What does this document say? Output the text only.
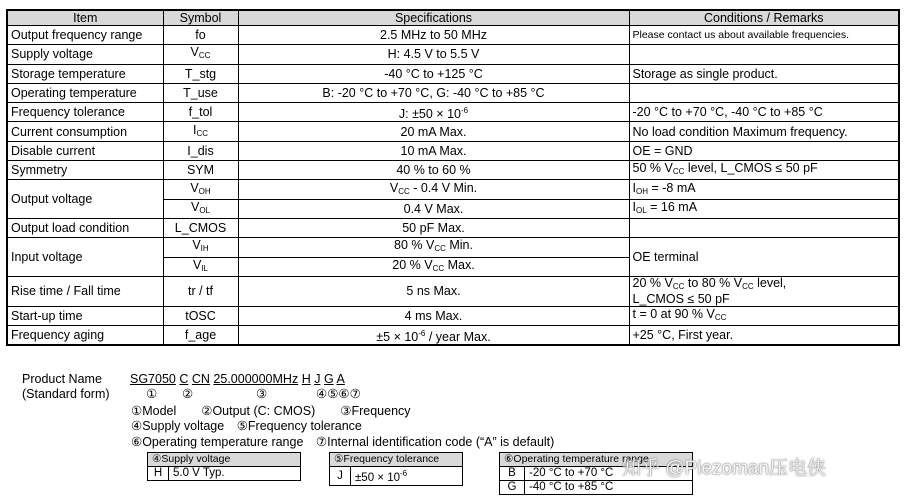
Item	Symbol	Specifications	Conditions / Remarks
Output frequency range	fo	2.5 MHz to 50 MHz	Please contact us about available frequencies.
Supply voltage	$V_{CC}$	H: 4.5 V to 5.5 V	
Storage temperature	T_stg	-40 °C to +125 °C	Storage as single product.
Operating temperature	T_use	B: -20 °C to +70 °C, G: -40 °C to +85 °C	
Frequency tolerance	f_tol	J: $\pm 50 \times 10^{-6}$	-20 °C to +70 °C, -40 °C to +85 °C
Current consumption	$I_{CC}$	20 mA Max.	No load condition Maximum frequency.
Disable current	I_dis	10 mA Max.	OE = GND
Symmetry	SYM	40 % to 60 %	50 % $V_{CC}$ level, L_CMOS ≤ 50 pF
Output voltage	$V_{OH}$	$V_{CC} - 0.4$ V Min.	$I_{OH} = -8$ mA
	$V_{OL}$	0.4 V Max.	$I_{OL} = 16$ mA
Output load condition	L_CMOS	50 pF Max.	
Input voltage	$V_{IH}$	80 % $V_{CC}$ Min.	OE terminal
	$V_{IL}$	20 % $V_{CC}$ Max.	
Rise time / Fall time	tr / tf	5 ns Max.	20 % $V_{CC}$ to 80 % $V_{CC}$ level,
L_CMOS ≤ 50 pF
Start-up time	tOSC	4 ms Max.	t = 0 at 90 % $V_{CC}$
Frequency aging	f_age	$\pm 5 \times 10^{-6}$ / year Max.	+25 °C, First year.
Product Name
(Standard form)
SG7050 C CN 25.000000MHz H J G A
① ②	③	④⑤⑥⑦
①Model　　②Output (C: CMOS)　　③Frequency
④Supply voltage　⑤Frequency tolerance
⑥Operating temperature range　⑦Internal identification code (“A” is default)
④Supply voltage
H	5.0 V Typ.
⑤Frequency tolerance
J	$\pm 50 \times 10^{-6}$
⑥Operating temperature range	
B	-20 °C to +70 °C
G	-40 °C to +85 °C
知乎 @Piezoman压电侠
